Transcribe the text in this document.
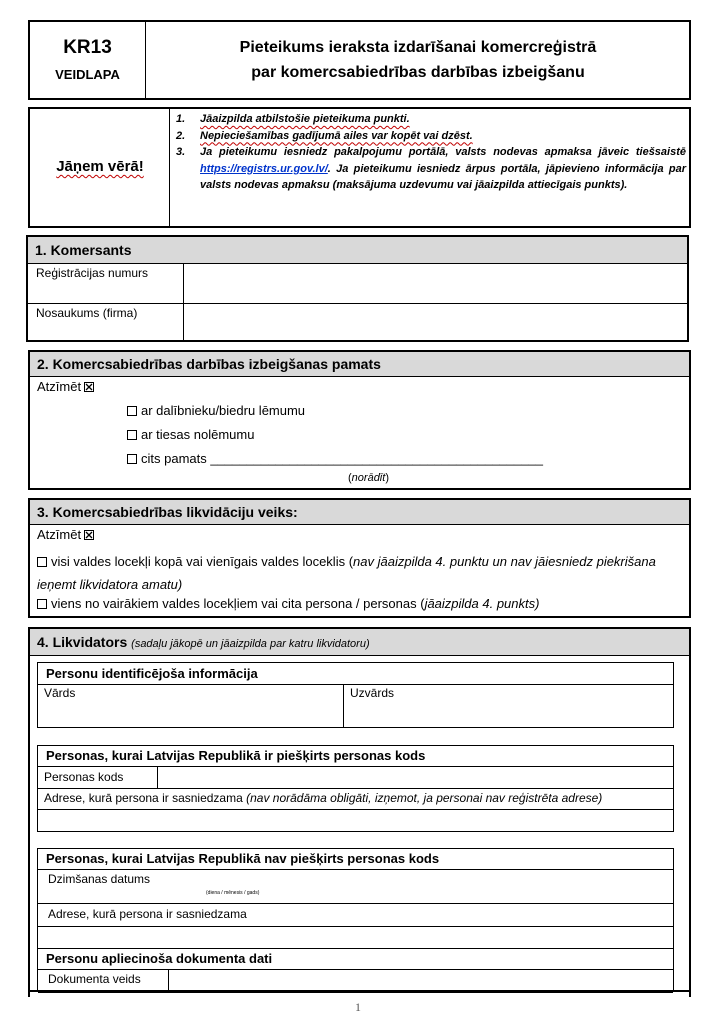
KR13
VEIDLAPA
Pieteikums ieraksta izdarīšanai komercreģistrā
par komercsabiedrības darbības izbeigšanu
Jāņem vērā!
1.	Jāaizpilda atbilstošie pieteikuma punkti.
2.	Nepieciešamības gadījumā ailes var kopēt vai dzēst.
3.	Ja pieteikumu iesniedz pakalpojumu portālā, valsts nodevas apmaksa jāveic tiešsaistē https://registrs.ur.gov.lv/. Ja pieteikumu iesniedz ārpus portāla, jāpievieno informācija par valsts nodevas apmaksu (maksājuma uzdevumu vai jāaizpilda attiecīgais punkts).
1. Komersants
Reģistrācijas numurs
Nosaukums (firma)
2. Komercsabiedrības darbības izbeigšanas pamats
Atzīmēt
ar dalībnieku/biedru lēmumu
ar tiesas nolēmumu
cits pamats ______________________________________________
(norādīt)
3. Komercsabiedrības likvidāciju veiks:
Atzīmēt
visi valdes locekļi kopā vai vienīgais valdes loceklis (nav jāaizpilda 4. punktu un nav jāiesniedz piekrišana ieņemt likvidatora amatu)
viens no vairākiem valdes locekļiem vai cita persona / personas (jāaizpilda 4. punkts)
4. Likvidators (sadaļu jākopē un jāaizpilda par katru likvidatoru)
Personu identificējoša informācija
Vārds	Uzvārds
Personas, kurai Latvijas Republikā ir piešķirts personas kods
Personas kods
Adrese, kurā persona ir sasniedzama (nav norādāma obligāti, izņemot, ja personai nav reģistrēta adrese)
Personas, kurai Latvijas Republikā nav piešķirts personas kods
Dzimšanas datums
(diena / mēnesis / gads)
Adrese, kurā persona ir sasniedzama
Personu apliecinoša dokumenta dati
Dokumenta veids
1
